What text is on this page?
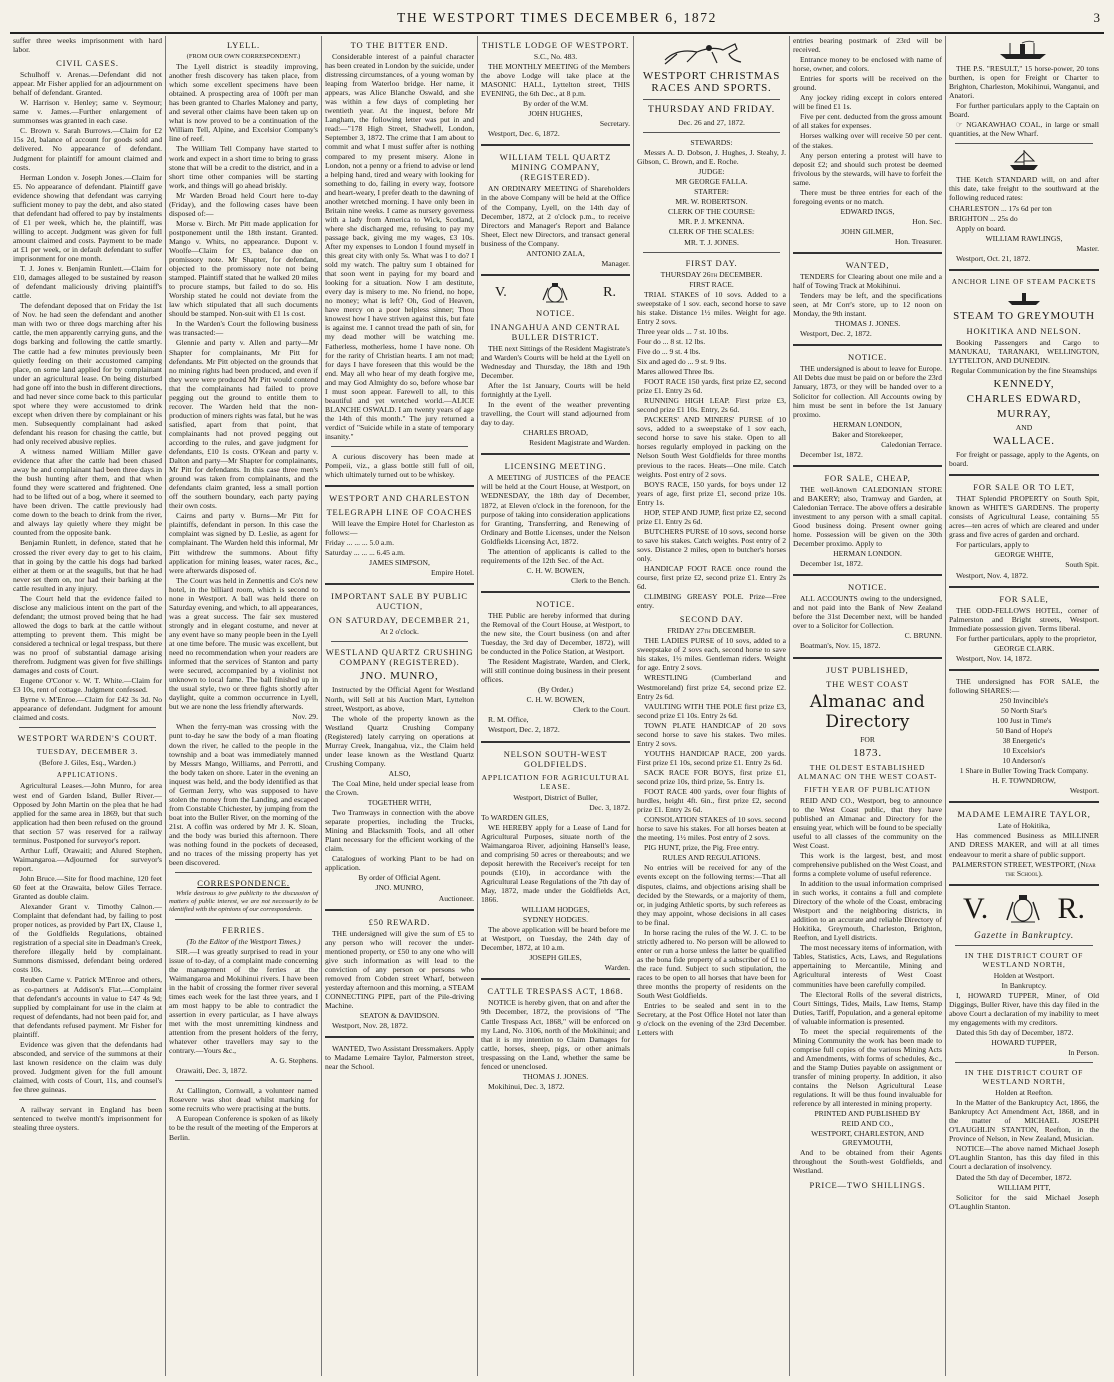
THE WESTPORT TIMES DECEMBER 6, 1872	3

suffer three weeks imprisonment with hard labor.

CIVIL CASES.

Schulhoff v. Arenas.—Defendant did not appear. Mr Fisher applied for an adjournment on behalf of defendant. Granted.

W. Harrison v. Henley; same v. Seymour; same v. James.—Further enlargement of summonses was granted in each case.

C. Brown v. Sarah Burrows.—Claim for £2 15s 2d, balance of account for goods sold and delivered. No appearance of defendant. Judgment for plaintiff for amount claimed and costs.

Herman London v. Joseph Jones.—Claim for £5. No appearance of defendant. Plaintiff gave evidence showing that defendant was carrying sufficient money to pay the debt, and also stated that defendant had offered to pay by instalments of £1 per week, which he, the plaintiff, was willing to accept. Judgment was given for full amount claimed and costs. Payment to be made at £1 per week, or in default defendant to suffer imprisonment for one month.

T. J. Jones v. Benjamin Runlett.—Claim for £10, damages alleged to be sustained by reason of defendant maliciously driving plaintiff's cattle.

The defendant deposed that on Friday the 1st of Nov. he had seen the defendant and another man with two or three dogs marching after his cattle, the men apparently carrying guns, and the dogs barking and following the cattle smartly. The cattle had a few minutes previously been quietly feeding on their accustomed camping place, on some land applied for by complainant under an agricultural lease. On being disturbed had gone off into the bush in different directions, and had never since come back to this particular spot where they were accustomed to drink except when driven there by complainant or his men. Subsequently complainant had asked defendant his reason for chasing the cattle, but had only received abusive replies.

A witness named William Miller gave evidence that after the cattle had been chased away he and complainant had been three days in the bush hunting after them, and that when found they were scattered and frightened. One had to be lifted out of a bog, where it seemed to have been driven. The cattle previously had come down to the beach to drink from the river, and always lay quietly where they might be counted from the opposite bank.

Benjamin Runlett, in defence, stated that he crossed the river every day to get to his claim, that in going by the cattle his dogs had barked either at them or at the seagulls, but that he had never set them on, nor had their barking at the cattle resulted in any injury.

The Court held that the evidence failed to disclose any malicious intent on the part of the defendant; the utmost proved being that he had allowed the dogs to bark at the cattle without attempting to prevent them. This might be considered a technical or legal trespass, but there was no proof of substantial damage arising therefrom. Judgment was given for five shillings damages and costs of Court.

Eugene O'Conor v. W. T. White.—Claim for £3 10s, rent of cottage. Judgment confessed.

Byrne v. M'Enroe.—Claim for £42 3s 3d. No appearance of defendant. Judgment for amount claimed and costs.

WESTPORT WARDEN'S COURT.
TUESDAY, DECEMBER 3.

(Before J. Giles, Esq., Warden.)

APPLICATIONS.

Agricultural Leases.—John Munro, for area west end of Garden Island, Buller River.—Opposed by John Martin on the plea that he had applied for the same area in 1869, but that such application had then been refused on the ground that section 57 was reserved for a railway terminus. Postponed for surveyor's report.

Arthur Luff, Orawaiti; and Alured Stephen, Waimangaroa.—Adjourned for surveyor's report.

John Bruce.—Site for flood machine, 120 feet 60 feet at the Orawaita, below Giles Terrace. Granted as double claim.

Alexander Grant v. Timothy Calnon.—Complaint that defendant had, by failing to post proper notices, as provided by Part IX, Clause 1, of the Goldfields Regulations, obtained registration of a special site in Deadman's Creek, therefore illegally held by complainant. Summons dismissed, defendant being ordered costs 10s.

Reuben Carne v. Patrick M'Enroe and others, as co-partners at Addison's Flat.—Complaint that defendant's accounts in value to £47 4s 9d; supplied by complainant for use in the claim at request of defendants, had not been paid for, and that defendants refused payment. Mr Fisher for plaintiff.

Evidence was given that the defendants had absconded, and service of the summons at their last known residence on the claim was duly proved. Judgment given for the full amount claimed, with costs of Court, 11s, and counsel's fee three guineas.

A railway servant in England has been sentenced to twelve month's imprisonment for stealing three oysters.

LYELL.

(FROM OUR OWN CORRESPONDENT.)

The Lyell district is steadily improving, another fresh discovery has taken place, from which some excellent specimens have been obtained. A prospecting area of 100ft per man has been granted to Charles Maloney and party, and several other claims have been taken up on what is now proved to be a continuation of the William Tell, Alpine, and Excelsior Company's line of reef.

The William Tell Company have started to work and expect in a short time to bring to grass stone that will be a credit to the district, and in a short time other companies will be starting work, and things will go ahead briskly.

Mr Warden Broad held Court here to-day (Friday), and the following cases have been disposed of:—

Morse v. Birch. Mr Pitt made application for postponement until the 18th instant. Granted. Mango v. Whits, no appearance. Dupont v. Woolfe—Claim for £3, balance due on promissory note. Mr Shapter, for defendant, objected to the promissory note not being stamped. Plaintiff stated that he walked 20 miles to procure stamps, but failed to do so. His Worship stated he could not deviate from the law which stipulated that all such documents should be stamped. Non-suit with £1 1s cost.

In the Warden's Court the following business was transacted:—

Glennie and party v. Allen and party—Mr Shapter for complainants, Mr Pitt for defendants. Mr Pitt objected on the grounds that no mining rights had been produced, and even if they were were produced Mr Pitt would contend that the complainants had failed to prove pegging out the ground to entitle them to recover. The Warden held that the non-production of miners rights was fatal, but he was satisfied, apart from that point, that complainants had not proved pegging out according to the rules, and gave judgment for defendants, £10 1s costs. O'Kean and party v. Dalton and party—Mr Shapter for complainants, Mr Pitt for defendants. In this case three men's ground was taken from complainants, and the defendants claim granted, less a small portion off the southern boundary, each party paying their own costs.

Cairns and party v. Burns—Mr Pitt for plaintiffs, defendant in person. In this case the complaint was signed by D. Leslie, as agent for complainant. The Warden held this informal, Mr Pitt withdrew the summons. About fifty application for mining leases, water races, &c., were afterwards disposed of.

The Court was held in Zennettis and Co's new hotel, in the billiard room, which is second to none in Westport. A ball was held there on Saturday evening, and which, to all appearances, was a great success. The fair sex mustered strongly and in elegant costume, and never at any event have so many people been in the Lyell at one time before. The music was excellent, but need no recommendation when your readers are informed that the services of Stanton and party were secured, accompanied by a violinist not unknown to local fame. The ball finished up in the usual style, two or three fights shortly after daylight, quite a common occurrence in Lyell, but we are none the less friendly afterwards.

Nov. 29.

When the ferry-man was crossing with the punt to-day he saw the body of a man floating down the river, he called to the people in the township and a boat was immediately manned by Messrs Mango, Williams, and Perrotti, and the body taken on shore. Later in the evening an inquest was held, and the body identified as that of German Jerry, who was supposed to have stolen the money from the Landing, and escaped from Constable Chichester, by jumping from the boat into the Buller River, on the morning of the 21st. A coffin was ordered by Mr J. K. Sloan, and the body was buried this afternoon. There was nothing found in the pockets of deceased, and no traces of the missing property has yet been discovered.

CORRESPONDENCE.

While desirous to give publicity to the discussion of matters of public interest, we are not necessarily to be identified with the opinions of our correspondents.

FERRIES.

(To the Editor of the Westport Times.)

SIR.—I was greatly surprised to read in your issue of to-day, of a complaint made concerning the management of the ferries at the Waimangaroa and Mokihinui rivers. I have been in the habit of crossing the former river several times each week for the last three years, and I am most happy to be able to contradict the assertion in every particular, as I have always met with the most unremitting kindness and attention from the present holders of the ferry, whatever other travellers may say to the contrary.—Yours &c.,

A. G. Stephens.

Orawaiti, Dec. 3, 1872.

At Callington, Cornwall, a volunteer named Rosevere was shot dead whilst marking for some recruits who were practising at the butts.

A European Conference is spoken of as likely to be the result of the meeting of the Emperors at Berlin.

TO THE BITTER END.

Considerable interest of a painful character has been created in London by the suicide, under distressing circumstances, of a young woman by leaping from Waterloo bridge. Her name, it appears, was Alice Blanche Oswald, and she was within a few days of completing her twentieth year. At the inquest, before Mr Langham, the following letter was put in and read:—"178 High Street, Shadwell, London, September 3, 1872. The crime that I am about to commit and what I must suffer after is nothing compared to my present misery. Alone in London, not a penny or a friend to advise or lend a helping hand, tired and weary with looking for something to do, failing in every way, footsore and heart-weary, I prefer death to the dawning of another wretched morning. I have only been in Britain nine weeks. I came as nursery governess with a lady from America to Wick, Scotland, where she discharged me, refusing to pay my passage back, giving me my wages, £3 10s. After my expenses to London I found myself in this great city with only 5s. What was I to do? I sold my watch. The paltry sum I obtained for that soon went in paying for my board and looking for a situation. Now I am destitute, every day is misery to me. No friend, no hope, no money; what is left? Oh, God of Heaven, have mercy on a poor helpless sinner; Thou knowest how I have striven against this, but fate is against me. I cannot tread the path of sin, for my dead mother will be watching me. Fatherless, motherless, home I have none. Oh for the rarity of Christian hearts. I am not mad; for days I have foreseen that this would be the end. May all who hear of my death forgive me, and may God Almighty do so, before whose bar I must soon appear. Farewell to all, to this beautiful and yet wretched world.—ALICE BLANCHE OSWALD. I am twenty years of age the 14th of this month." The jury returned a verdict of "Suicide while in a state of temporary insanity."

A curious discovery has been made at Pompeii, viz., a glass bottle still full of oil, which ultimately turned out to be whiskey.

WESTPORT AND CHARLESTON
TELEGRAPH LINE OF COACHES

Will leave the Empire Hotel for Charleston as follows:—

Friday ... ... ... 5.0 a.m.

Saturday ... ... ... 6.45 a.m.

JAMES SIMPSON,

Empire Hotel.

IMPORTANT SALE BY PUBLIC AUCTION,
ON SATURDAY, DECEMBER 21,

At 2 o'clock.

WESTLAND QUARTZ CRUSHING COMPANY (REGISTERED).
JNO. MUNRO,

Instructed by the Official Agent for Westland North, will Sell at his Auction Mart, Lyttelton street, Westport, as above,

The whole of the property known as the Westland Quartz Crushing Company (Registered) lately carrying on operations at Murray Creek, Inangahua, viz., the Claim held under lease known as the Westland Quartz Crushing Company.

ALSO,

The Coal Mine, held under special lease from the Crown.

TOGETHER WITH,

Two Tramways in connection with the above separate properties, including the Trucks, Mining and Blacksmith Tools, and all other Plant necessary for the efficient working of the claim.

Catalogues of working Plant to be had on application.

By order of Official Agent.

JNO. MUNRO,

Auctioneer.

£50 REWARD.

THE undersigned will give the sum of £5 to any person who will recover the under-mentioned property, or £50 to any one who will give such information as will lead to the conviction of any person or persons who removed from Cobden street Wharf, between yesterday afternoon and this morning, a STEAM CONNECTING PIPE, part of the Pile-driving Machine.

SEATON & DAVIDSON.

Westport, Nov. 28, 1872.

WANTED, Two Assistant Dressmakers. Apply to Madame Lemaire Taylor, Palmerston street, near the School.

THISTLE LODGE OF WESTPORT.

S.C., No. 483.

THE MONTHLY MEETING of the Members the above Lodge will take place at the MASONIC HALL, Lyttelton street, THIS EVENING, the 6th Dec., at 8 p.m.

By order of the W.M.

JOHN HUGHES,

Secretary.

Westport, Dec. 6, 1872.

WILLIAM TELL QUARTZ MINING COMPANY, (REGISTERED).

AN ORDINARY MEETING of Shareholders in the above Company will be held at the Office of the Company, Lyell, on the 14th day of December, 1872, at 2 o'clock p.m., to receive Directors and Manager's Report and Balance Sheet, Elect new Directors, and transact general business of the Company.

ANTONIO ZALA,

Manager.

V.	R.
NOTICE.
INANGAHUA AND CENTRAL BULLER DISTRICT.

THE next Sittings of the Resident Magistrate's and Warden's Courts will be held at the Lyell on Wednesday and Thursday, the 18th and 19th December.

After the 1st January, Courts will be held fortnightly at the Lyell.

In the event of the weather preventing travelling, the Court will stand adjourned from day to day.

CHARLES BROAD,

Resident Magistrate and Warden.

LICENSING MEETING.

A MEETING of JUSTICES of the PEACE will be held at the Court House, at Westport, on WEDNESDAY, the 18th day of December, 1872, at Eleven o'clock in the forenoon, for the purpose of taking into consideration applications for Granting, Transferring, and Renewing of Ordinary and Bottle Licenses, under the Nelson Goldfields Licensing Act, 1872.

The attention of applicants is called to the requirements of the 12th Sec. of the Act.

C. H. W. BOWEN,

Clerk to the Bench.

NOTICE.

THE Public are hereby informed that during the Removal of the Court House, at Westport, to the new site, the Court business (on and after Tuesday, the 3rd day of December, 1872), will be conducted in the Police Station, at Westport.

The Resident Magistrate, Warden, and Clerk, will still continue doing business in their present offices.

(By Order.)

C. H. W. BOWEN,

Clerk to the Court.

R. M. Office,

Westport, Dec. 2, 1872.

NELSON SOUTH-WEST GOLDFIELDS.
APPLICATION FOR AGRICULTURAL LEASE.

Westport, District of Buller,

Dec. 3, 1872.

To WARDEN GILES,

WE HEREBY apply for a Lease of Land for Agricultural Purposes, situate north of the Waimangaroa River, adjoining Hansell's lease, and comprising 50 acres or thereabouts; and we deposit herewith the Receiver's receipt for ten pounds (£10), in accordance with the Agricultural Lease Regulations of the 7th day of May, 1872, made under the Goldfields Act, 1866.

WILLIAM HODGES,

SYDNEY HODGES.

The above application will be heard before me at Westport, on Tuesday, the 24th day of December, 1872, at 10 a.m.

JOSEPH GILES,

Warden.

CATTLE TRESPASS ACT, 1868.

NOTICE is hereby given, that on and after the 9th December, 1872, the provisions of "The Cattle Trespass Act, 1868," will be enforced on my Land, No. 3106, north of the Mokihinui; and that it is my intention to Claim Damages for cattle, horses, sheep, pigs, or other animals trespassing on the Land, whether the same be fenced or unenclosed.

THOMAS J. JONES.

Mokihinui, Dec. 3, 1872.

WESTPORT CHRISTMAS RACES AND SPORTS.
THURSDAY AND FRIDAY.

Dec. 26 and 27, 1872.

STEWARDS:

Messrs A. D. Dobson, J. Hughes, J. Steahy, J. Gibson, C. Brown, and E. Roche.

JUDGE:

MR GEORGE FALLA.

STARTER:

MR. W. ROBERTSON.

CLERK OF THE COURSE:

MR. P. J. M'KENNA.

CLERK OF THE SCALES:

MR. T. J. JONES.

FIRST DAY.

THURSDAY 26th DECEMBER.

FIRST RACE.

TRIAL STAKES of 10 sovs. Added to a sweepstake of 1 sov. each, second horse to save his stake. Distance 1½ miles. Weight for age. Entry 2 sovs.

Three year olds ... 7 st. 10 lbs.

Four do ... 8 st. 12 lbs.

Five do ... 9 st. 4 lbs.

Six and aged do ... 9 st. 9 lbs.

Mares allowed Three lbs.

FOOT RACE 150 yards, first prize £2, second prize £1. Entry 2s 6d.

RUNNING HIGH LEAP. First prize £3, second prize £1 10s. Entry, 2s 6d.

PACKERS' AND MINERS' PURSE of 10 sovs, added to a sweepstake of 1 sov each, second horse to save his stake. Open to all horses regularly employed in packing on the Nelson South West Goldfields for three months previous to the races. Heats—One mile. Catch weights. Post entry of 2 sovs.

BOYS RACE, 150 yards, for boys under 12 years of age, first prize £1, second prize 10s. Entry 1s.

HOP, STEP AND JUMP, first prize £2, second prize £1. Entry 2s 6d.

BUTCHERS PURSE of 10 sovs, second horse to save his stakes. Catch weights. Post entry of 2 sovs. Distance 2 miles, open to butcher's horses only.

HANDICAP FOOT RACE once round the course, first prize £2, second prize £1. Entry 2s 6d.

CLIMBING GREASY POLE. Prize—Free entry.

SECOND DAY.

FRIDAY 27th DECEMBER.

THE LADIES PURSE of 10 sovs, added to a sweepstake of 2 sovs each, second horse to save his stakes, 1½ miles. Gentleman riders. Weight for age. Entry 2 sovs.

WRESTLING (Cumberland and Westmoreland) first prize £4, second prize £2. Entry 2s 6d.

VAULTING WITH THE POLE first prize £3, second prize £1 10s. Entry 2s 6d.

TOWN PLATE HANDICAP of 20 sovs second horse to save his stakes. Two miles. Entry 2 sovs.

YOUTHS HANDICAP RACE, 200 yards. First prize £1 10s, second prize £1. Entry 2s 6d.

SACK RACE FOR BOYS, first prize £1, second prize 10s, third prize, 5s. Entry 1s.

FOOT RACE 400 yards, over four flights of hurdles, height 4ft. 6in., first prize £2, second prize £1. Entry 2s 6d.

CONSOLATION STAKES of 10 sovs. second horse to save his stakes. For all horses beaten at the meeting. 1½ miles. Post entry of 2 sovs.

PIG HUNT, prize, the Pig. Free entry.

RULES AND REGULATIONS.

No entries will be received for any of the events except on the following terms:—That all disputes, claims, and objections arising shall be decided by the Stewards, or a majority of them, or, in judging Athletic sports, by such referees as they may appoint, whose decisions in all cases to be final.

In horse racing the rules of the W. J. C. to be strictly adhered to. No person will be allowed to enter or run a horse unless the latter be qualified as the bona fide property of a subscriber of £1 to the race fund. Subject to such stipulation, the races to be open to all horses that have been for three months the property of residents on the South West Goldfields.

Entries to be sealed and sent in to the Secretary, at the Post Office Hotel not later than 9 o'clock on the evening of the 23rd December. Letters with

entries bearing postmark of 23rd will be received.

Entrance money to be enclosed with name of horse, owner, and colors.

Entries for sports will be received on the ground.

Any jockey riding except in colors entered will be fined £1 1s.

Five per cent. deducted from the gross amount of all stakes for expenses.

Horses walking over will receive 50 per cent. of the stakes.

Any person entering a protest will have to deposit £2; and should such protest be deemed frivolous by the stewards, will have to forfeit the same.

There must be three entries for each of the foregoing events or no match.

EDWARD INGS,

Hon. Sec.

JOHN GILMER,

Hon. Treasurer.

WANTED,

TENDERS for Clearing about one mile and a half of Towing Track at Mokihinui.

Tenders may be left, and the specifications seen, at Mr Corr's store, up to 12 noon on Monday, the 9th instant.

THOMAS J. JONES.

Westport, Dec. 2, 1872.

NOTICE.

THE undersigned is about to leave for Europe. All Debts due must be paid on or before the 23rd January, 1873, or they will be handed over to a Solicitor for collection. All Accounts owing by him must be sent in before the 1st January proximo.

HERMAN LONDON,

Baker and Storekeeper,

Caledonian Terrace.

December 1st, 1872.

FOR SALE, CHEAP,

THE well-known CALEDONIAN STORE and BAKERY; also, Tramway and Garden, at Caledonian Terrace. The above offers a desirable investment to any person with a small capital. Good business doing. Present owner going home. Possession will be given on the 30th December proximo. Apply to

HERMAN LONDON.

December 1st, 1872.

NOTICE.

ALL ACCOUNTS owing to the undersigned, and not paid into the Bank of New Zealand before the 31st December next, will be handed over to a Solicitor for Collection.

C. BRUNN.

Boatman's, Nov. 15, 1872.

JUST PUBLISHED,
THE WEST COAST
Almanac and Directory

FOR

1873.
THE OLDEST ESTABLISHED ALMANAC ON THE WEST COAST-
FIFTH YEAR OF PUBLICATION

REID AND CO., Westport, beg to announce to the West Coast public, that they have published an Almanac and Directory for the ensuing year, which will be found to be specially useful to all classes of the community on the West Coast.

This work is the largest, best, and most comprehensive published on the West Coast, and forms a complete volume of useful reference.

In addition to the usual information comprised in such works, it contains a full and complete Directory of the whole of the Coast, embracing Westport and the neighboring districts, in addition to an accurate and reliable Directory of Hokitika, Greymouth, Charleston, Brighton, Reefton, and Lyell districts.

The most necessary items of information, with Tables, Statistics, Acts, Laws, and Regulations appertaining to Mercantile, Mining and Agricultural interests of West Coast communities have been carefully compiled.

The Electoral Rolls of the several districts, Court Sittings, Tides, Mails, Law Items, Stamp Duties, Tariff, Population, and a general epitome of valuable information is presented.

To meet the special requirements of the Mining Community the work has been made to comprise full copies of the various Mining Acts and Amendments, with forms of schedules, &c., and the Stamp Duties payable on assignment or transfer of mining property. In addition, it also contains the Nelson Agricultural Lease regulations. It will be thus found invaluable for reference by all interested in mining property.

PRINTED AND PUBLISHED BY

REID AND CO.,

WESTPORT, CHARLESTON, AND GREYMOUTH,

And to be obtained from their Agents throughout the South-west Goldfields, and Westland.

PRICE—TWO SHILLINGS.

THE P.S. "RESULT," 15 horse-power, 20 tons burthen, is open for Freight or Charter to Brighton, Charleston, Mokihinui, Wanganui, and Anatori.

For further particulars apply to the Captain on Board.

☞ NGAKAWHAO COAL, in large or small quantities, at the New Wharf.

THE Ketch STANDARD will, on and after this date, take freight to the southward at the following reduced rates:

CHARLESTON ... 17s 6d per ton

BRIGHTON ... 25s do

Apply on board.

WILLIAM RAWLINGS,

Master.

Westport, Oct. 21, 1872.

ANCHOR LINE OF STEAM PACKETS
STEAM TO GREYMOUTH
HOKITIKA AND NELSON.

Booking Passengers and Cargo to MANUKAU, TARANAKI, WELLINGTON, LYTTELTON, AND DUNEDIN.

Regular Communication by the fine Steamships

KENNEDY,
CHARLES EDWARD,
MURRAY,

AND

WALLACE.

For freight or passage, apply to the Agents, on board.

FOR SALE OR TO LET,

THAT Splendid PROPERTY on South Spit, known as WHITE'S GARDENS. The property consists of Agricultural Lease, containing 55 acres—ten acres of which are cleared and under grass and five acres of garden and orchard.

For particulars, apply to

GEORGE WHITE,

South Spit.

Westport, Nov. 4, 1872.

FOR SALE,

THE ODD-FELLOWS HOTEL, corner of Palmerston and Bright streets, Westport. Immediate possession given. Terms liberal.

For further particulars, apply to the proprietor,

GEORGE CLARK.

Westport, Nov. 14, 1872.

THE undersigned has FOR SALE, the following SHARES:—

250 Invincible's

50 North Star's

100 Just in Time's

50 Band of Hope's

38 Energetic's

10 Excelsior's

10 Anderson's

1 Share in Buller Towing Track Company.

H. F. TOWNDROW,

Westport.

MADAME LEMAIRE TAYLOR,

Late of Hokitika,

Has commenced Business as MILLINER AND DRESS MAKER, and will at all times endeavour to merit a share of public support.

PALMERSTON STREET, WESTPORT, (Near the School).

V. R.
Gazette in Bankruptcy.
IN THE DISTRICT COURT OF WESTLAND NORTH,

Holden at Westport.

In Bankruptcy.

I, HOWARD TUPPER, Miner, of Old Diggings, Buller River, have this day filed in the above Court a declaration of my inability to meet my engagements with my creditors.

Dated this 5th day of December, 1872.

HOWARD TUPPER,

In Person.

IN THE DISTRICT COURT OF WESTLAND NORTH,

Holden at Reefton.

In the Matter of the Bankruptcy Act, 1866, the Bankruptcy Act Amendment Act, 1868, and in the matter of MICHAEL JOSEPH O'LAUGHLIN STANTON, Reefton, in the Province of Nelson, in New Zealand, Musician.

NOTICE—The above named Michael Joseph O'Laughlin Stanton, has this day filed in this Court a declaration of insolvency.

Dated the 5th day of December, 1872.

WILLIAM PITT,

Solicitor for the said Michael Joseph O'Laughlin Stanton.
